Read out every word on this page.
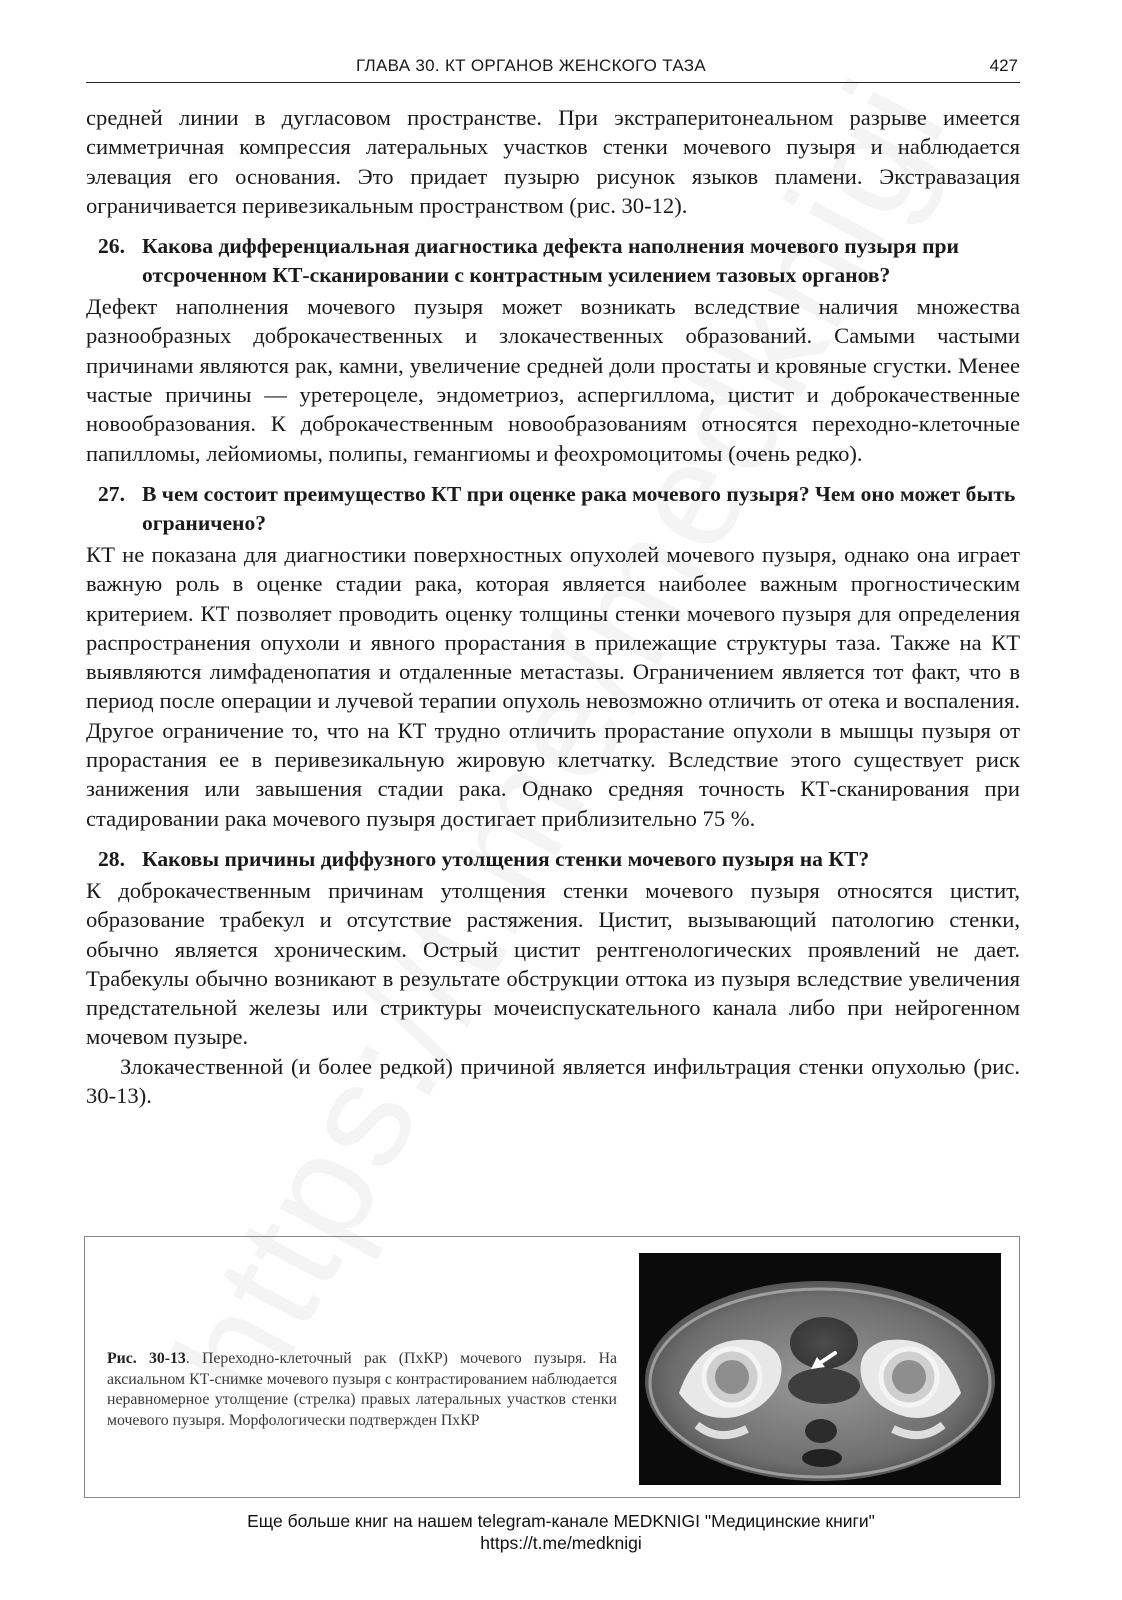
ГЛАВА 30. КТ ОРГАНОВ ЖЕНСКОГО ТАЗА	427

средней линии в дугласовом пространстве. При экстраперитонеальном разрыве имеется симметричная компрессия латеральных участков стенки мочевого пузыря и наблюдается элевация его основания. Это придает пузырю рисунок языков пламени. Экстравазация ограничивается перивезикальным пространством (рис. 30-12).

26. Какова дифференциальная диагностика дефекта наполнения мочевого пузыря при отсроченном КТ-сканировании с контрастным усилением тазовых органов?

Дефект наполнения мочевого пузыря может возникать вследствие наличия множества разнообразных доброкачественных и злокачественных образований. Самыми частыми причинами являются рак, камни, увеличение средней доли простаты и кровяные сгустки. Менее частые причины — уретероцеле, эндометриоз, аспергиллома, цистит и доброкачественные новообразования. К доброкачественным новообразованиям относятся переходно-клеточные папилломы, лейомиомы, полипы, гемангиомы и феохромоцитомы (очень редко).

27. В чем состоит преимущество КТ при оценке рака мочевого пузыря? Чем оно может быть ограничено?

КТ не показана для диагностики поверхностных опухолей мочевого пузыря, однако она играет важную роль в оценке стадии рака, которая является наиболее важным прогностическим критерием. КТ позволяет проводить оценку толщины стенки мочевого пузыря для определения распространения опухоли и явного прорастания в прилежащие структуры таза. Также на КТ выявляются лимфаденопатия и отдаленные метастазы. Ограничением является тот факт, что в период после операции и лучевой терапии опухоль невозможно отличить от отека и воспаления. Другое ограничение то, что на КТ трудно отличить прорастание опухоли в мышцы пузыря от прорастания ее в перивезикальную жировую клетчатку. Вследствие этого существует риск занижения или завышения стадии рака. Однако средняя точность КТ-сканирования при стадировании рака мочевого пузыря достигает приблизительно 75 %.

28. Каковы причины диффузного утолщения стенки мочевого пузыря на КТ?

К доброкачественным причинам утолщения стенки мочевого пузыря относятся цистит, образование трабекул и отсутствие растяжения. Цистит, вызывающий патологию стенки, обычно является хроническим. Острый цистит рентгенологических проявлений не дает. Трабекулы обычно возникают в результате обструкции оттока из пузыря вследствие увеличения предстательной железы или стриктуры мочеиспускательного канала либо при нейрогенном мочевом пузыре.

Злокачественной (и более редкой) причиной является инфильтрация стенки опухолью (рис. 30-13).

Рис. 30-13. Переходно-клеточный рак (ПхКР) мочевого пузыря. На аксиальном КТ-снимке мочевого пузыря с контрастированием наблюдается неравномерное утолщение (стрелка) правых латеральных участков стенки мочевого пузыря. Морфологически подтвержден ПхКР
Еще больше книг на нашем telegram-канале MEDKNIGI "Медицинские книги"
https://t.me/medknigi
